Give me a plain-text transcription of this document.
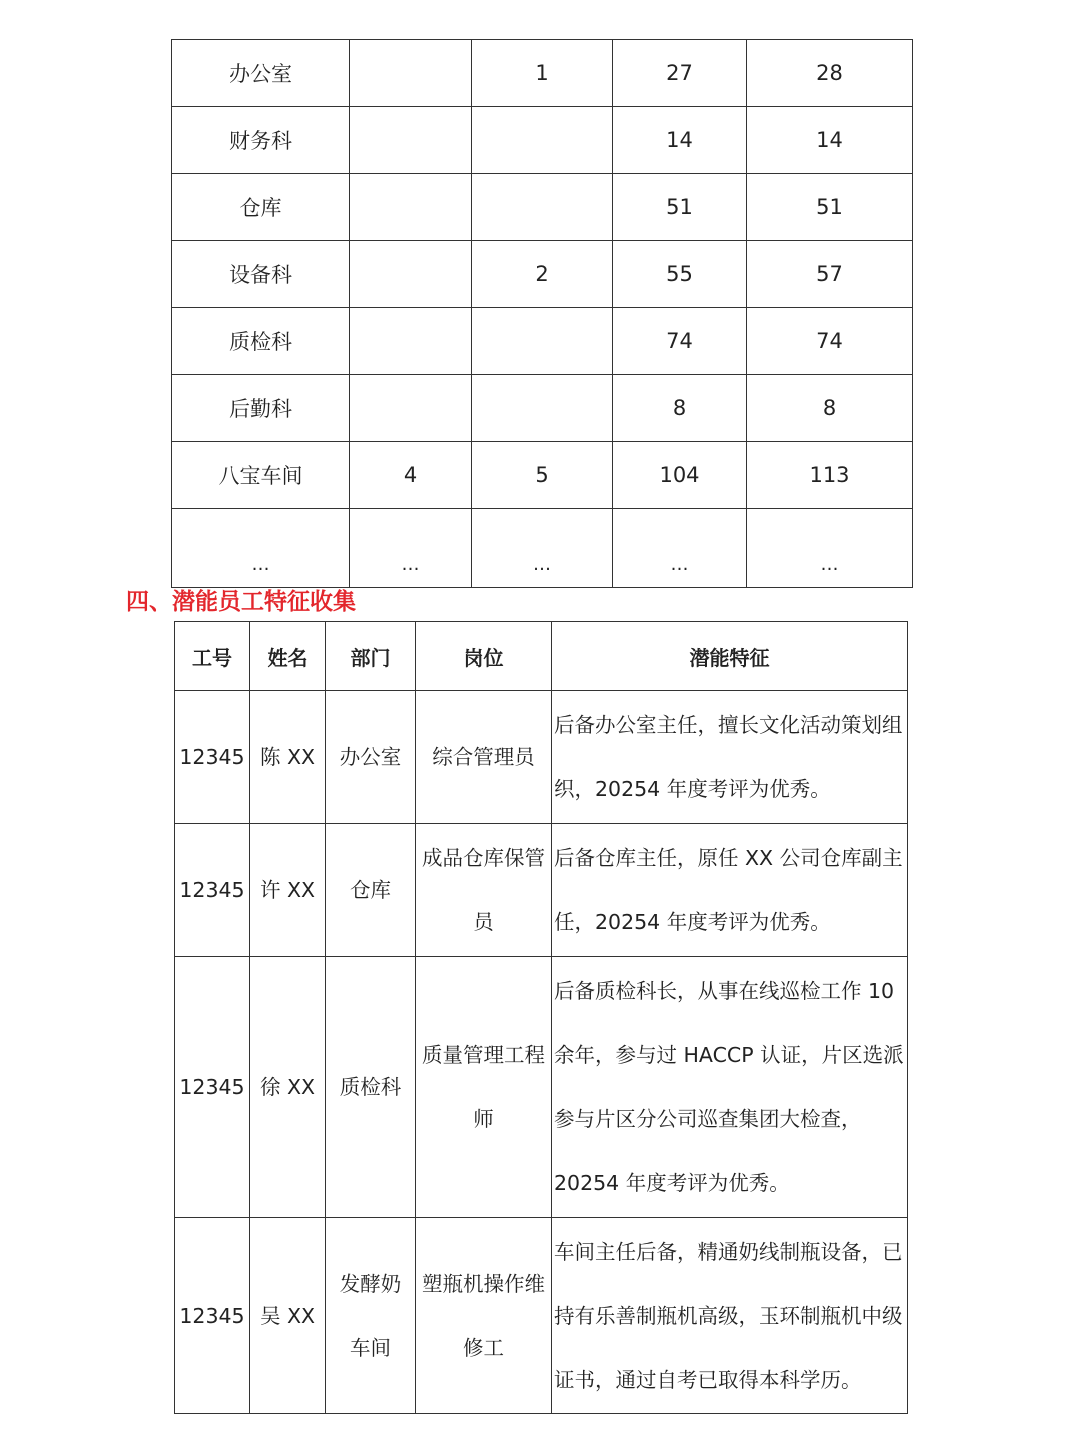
办公室		1	27	28
财务科			14	14
仓库			51	51
设备科		2	55	57
质检科			74	74
后勤科			8	8
八宝车间	4	5	104	113
…	…	…	…	…
四、潜能员工特征收集
工号	姓名	部门	岗位	潜能特征
12345	陈 XX	办公室	综合管理员	后备办公室主任，擅长文化活动策划组织，20254 年度考评为优秀。
12345	许 XX	仓库	成品仓库保管员	后备仓库主任，原任 XX 公司仓库副主任，20254 年度考评为优秀。
12345	徐 XX	质检科	质量管理工程师	后备质检科长，从事在线巡检工作 10 余年，参与过 HACCP 认证，片区选派参与片区分公司巡查集团大检查，20254 年度考评为优秀。
12345	吴 XX	发酵奶车间	塑瓶机操作维修工	车间主任后备，精通奶线制瓶设备，已持有乐善制瓶机高级，玉环制瓶机中级证书，通过自考已取得本科学历。
